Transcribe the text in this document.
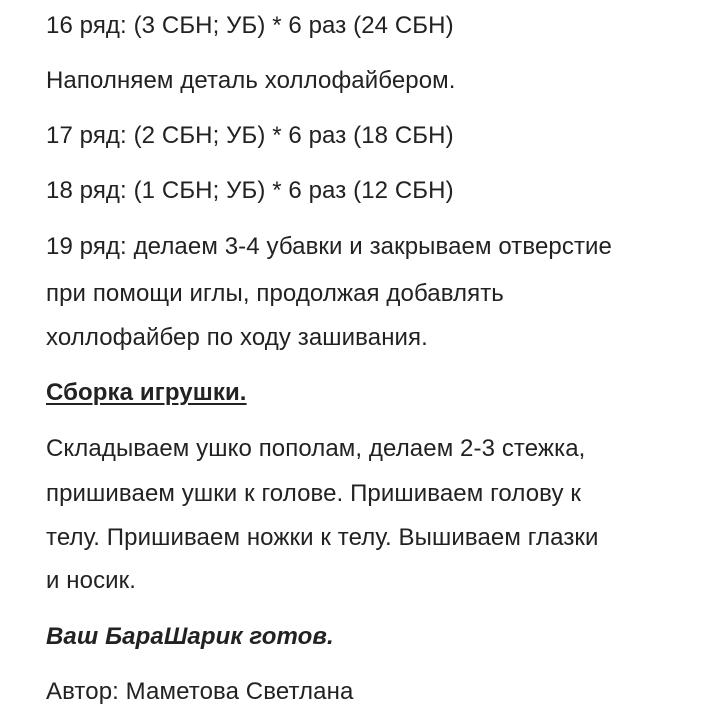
16 ряд: (3 СБН; УБ) * 6 раз (24 СБН)

Наполняем деталь холлофайбером.

17 ряд: (2 СБН; УБ) * 6 раз (18 СБН)

18 ряд: (1 СБН; УБ) * 6 раз (12 СБН)

19 ряд: делаем 3-4 убавки и закрываем отверстие

при помощи иглы, продолжая добавлять

холлофайбер по ходу зашивания.

Сборка игрушки.

Складываем ушко пополам, делаем 2-3 стежка,

пришиваем ушки к голове. Пришиваем голову к

телу. Пришиваем ножки к телу. Вышиваем глазки

и носик.

Ваш БараШарик готов.

Автор: Маметова Светлана
